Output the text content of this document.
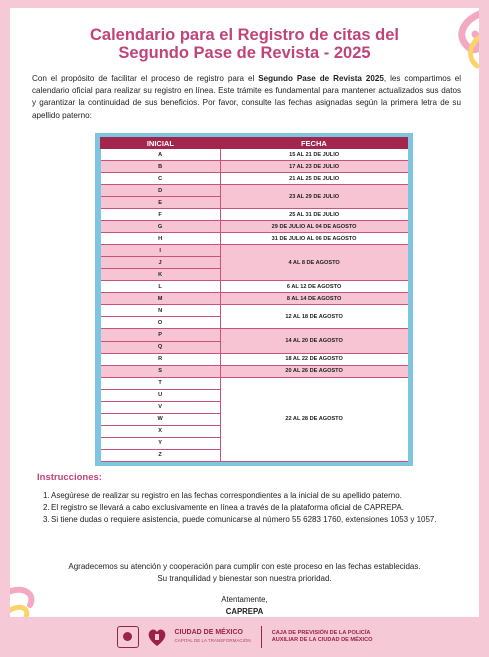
Calendario para el Registro de citas del
Segundo Pase de Revista - 2025

Con el propósito de facilitar el proceso de registro para el Segundo Pase de Revista 2025, les compartimos el calendario oficial para realizar su registro en línea. Este trámite es fundamental para mantener actualizados sus datos y garantizar la continuidad de sus beneficios. Por favor, consulte las fechas asignadas según la primera letra de su apellido paterno:

INICIAL	FECHA
A	15 AL 21 DE JULIO
B	17 AL 23 DE JULIO
C	21 AL 25 DE JULIO
D	23 AL 29 DE JULIO
E	
F	25 AL 31 DE JULIO
G	29 DE JULIO AL 04 DE AGOSTO
H	31 DE JULIO AL 06 DE AGOSTO
I	4 AL 8 DE AGOSTO
J	
K	
L	6 AL 12 DE AGOSTO
M	8 AL 14 DE AGOSTO
N	12 AL 18 DE AGOSTO
O	
P	14 AL 20 DE AGOSTO
Q	
R	18 AL 22 DE AGOSTO
S	20 AL 26 DE AGOSTO
T	22 AL 28 DE AGOSTO
U	
V	
W	
X	
Y	
Z	
Instrucciones:
1. Asegúrese de realizar su registro en las fechas correspondientes a la inicial de su apellido paterno.
2. El registro se llevará a cabo exclusivamente en línea a través de la plataforma oficial de CAPREPA.
3. Si tiene dudas o requiere asistencia, puede comunicarse al número 55 6283 1760, extensiones 1053 y 1057.
Agradecemos su atención y cooperación para cumplir con este proceso en las fechas establecidas.
Su tranquilidad y bienestar son nuestra prioridad.
Atentamente,
CAPREPA
CIUDAD DE MÉXICO
CAPITAL DE LA TRANSFORMACIÓN
CAJA DE PREVISIÓN DE LA POLICÍA
AUXILIAR DE LA CIUDAD DE MÉXICO
